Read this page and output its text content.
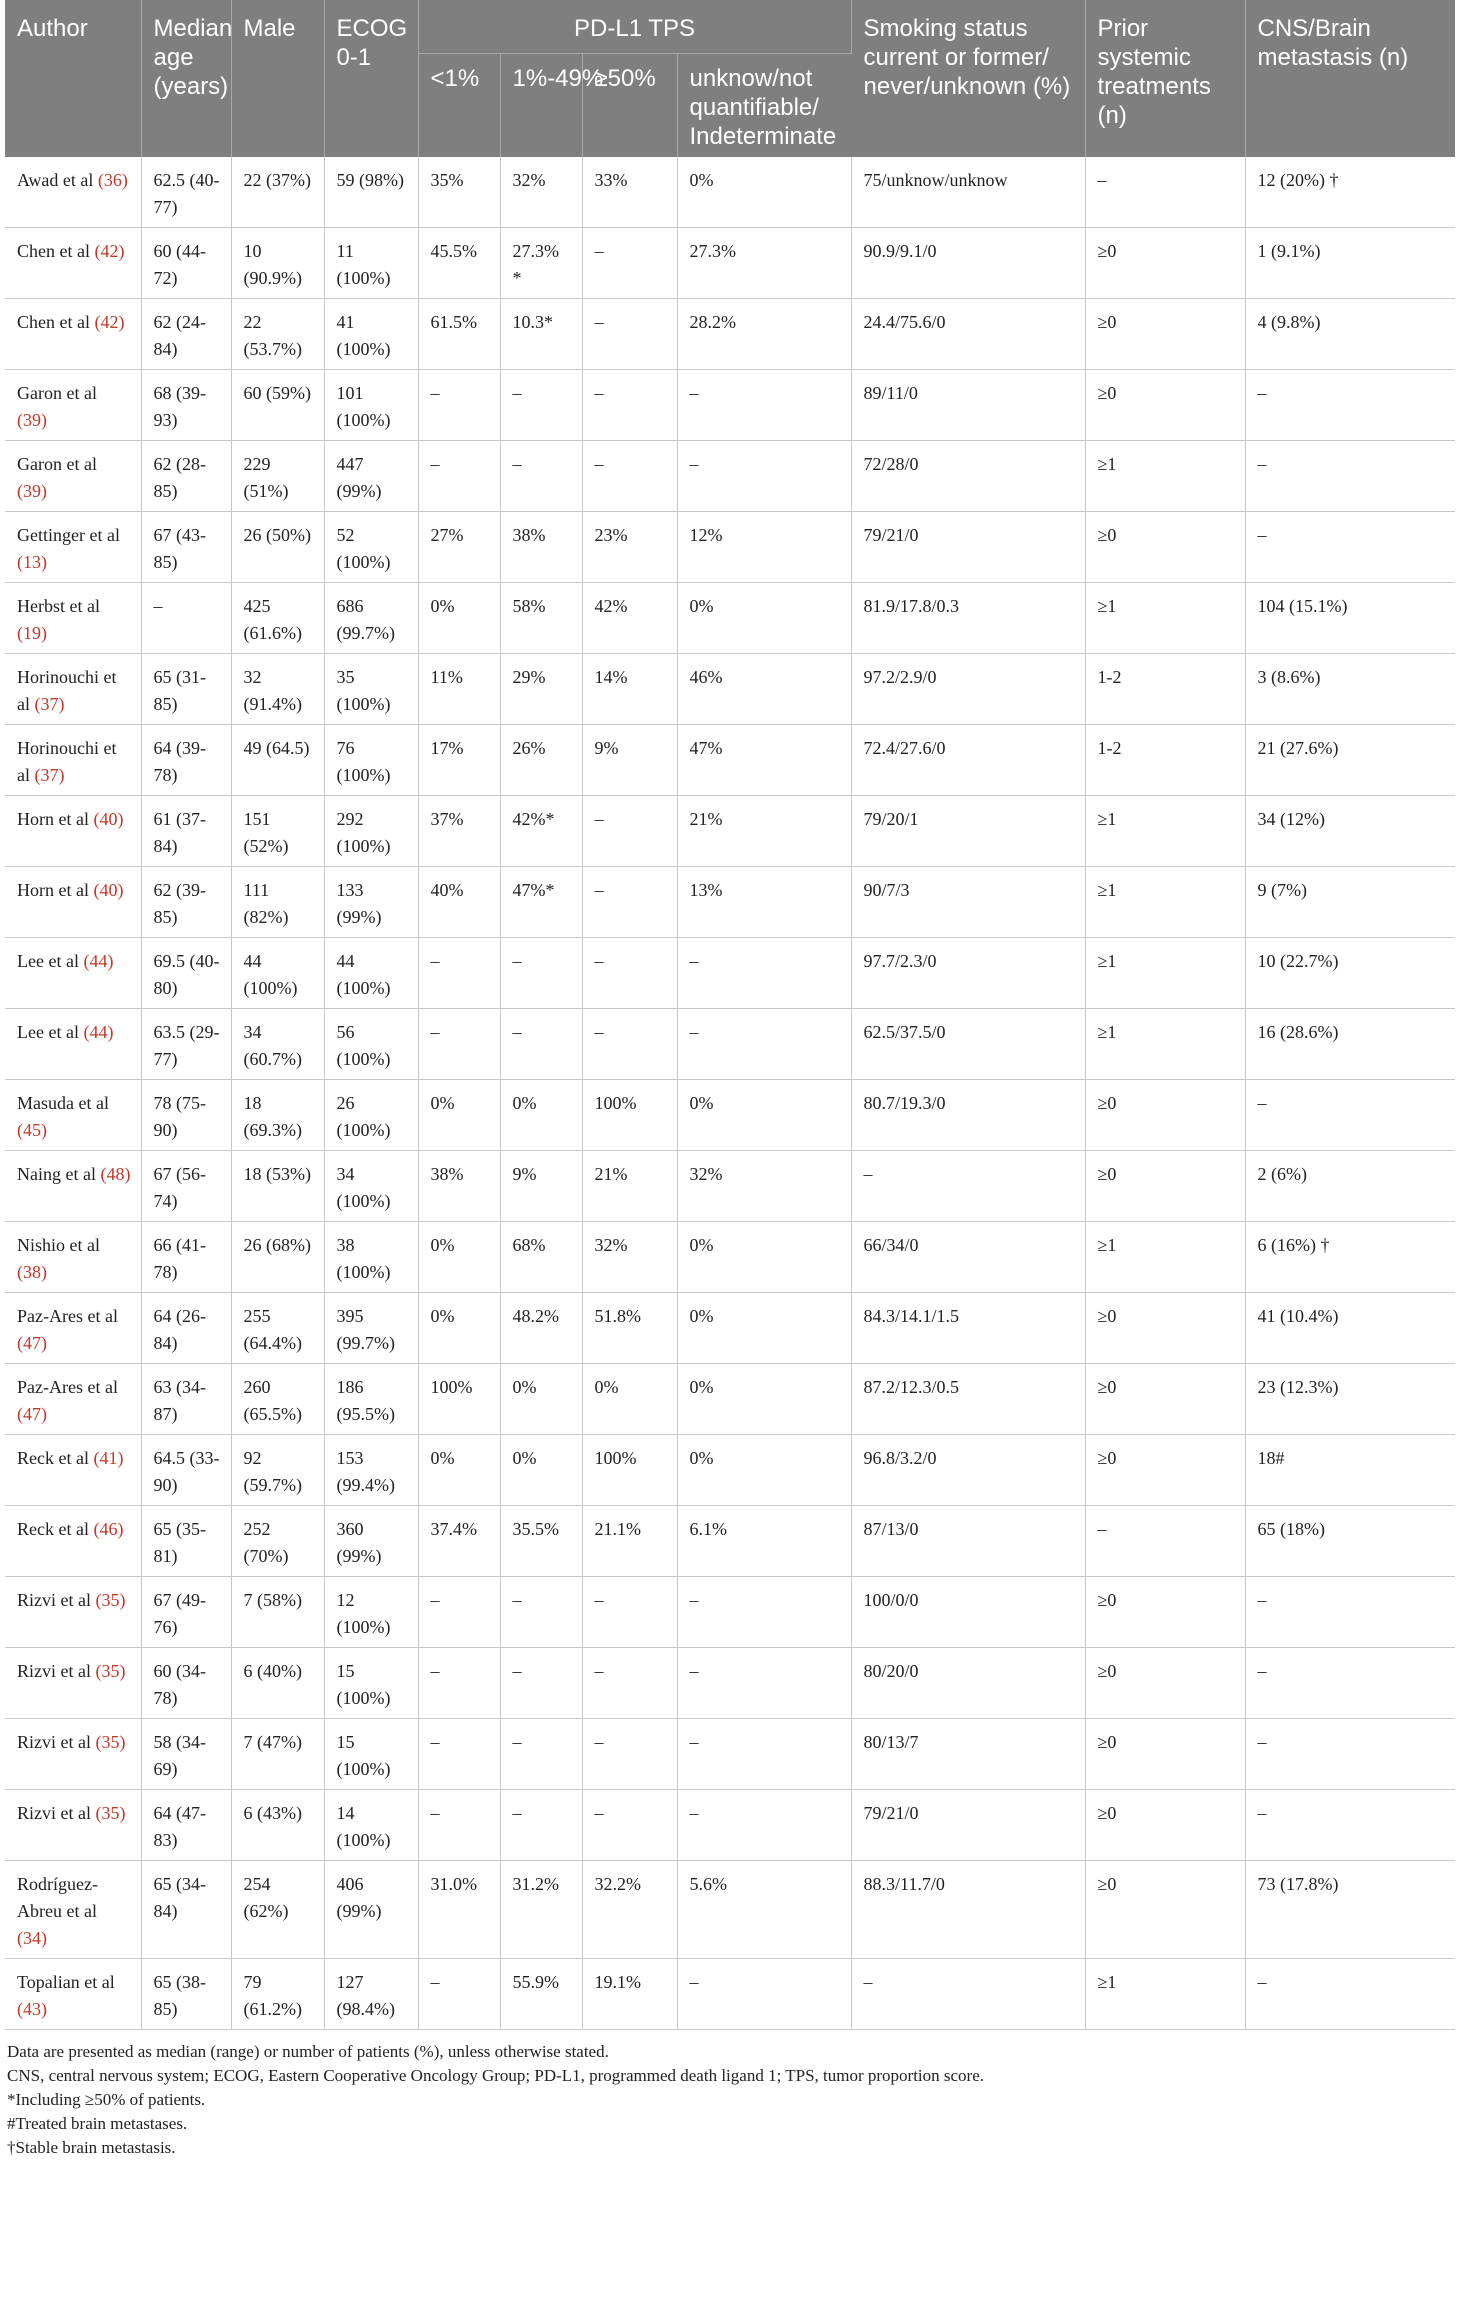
Author	Median age (years)	Male	ECOG 0-1	PD-L1 TPS				Smoking status current or former/ never/unknown (%)	Prior systemic treatments (n)	CNS/Brain metastasis (n)
				<1%	1%-49%	≥50%	unknow/not quantifiable/ Indeterminate			
Awad et al (36)	62.5 (40-77)	22 (37%)	59 (98%)	35%	32%	33%	0%	75/unknow/unknow	–	12 (20%) †
Chen et al (42)	60 (44-72)	10 (90.9%)	11 (100%)	45.5%	27.3% *	–	27.3%	90.9/9.1/0	≥0	1 (9.1%)
Chen et al (42)	62 (24-84)	22 (53.7%)	41 (100%)	61.5%	10.3*	–	28.2%	24.4/75.6/0	≥0	4 (9.8%)
Garon et al (39)	68 (39-93)	60 (59%)	101 (100%)	–	–	–	–	89/11/0	≥0	–
Garon et al (39)	62 (28-85)	229 (51%)	447 (99%)	–	–	–	–	72/28/0	≥1	–
Gettinger et al (13)	67 (43-85)	26 (50%)	52 (100%)	27%	38%	23%	12%	79/21/0	≥0	–
Herbst et al (19)	–	425 (61.6%)	686 (99.7%)	0%	58%	42%	0%	81.9/17.8/0.3	≥1	104 (15.1%)
Horinouchi et al (37)	65 (31-85)	32 (91.4%)	35 (100%)	11%	29%	14%	46%	97.2/2.9/0	1-2	3 (8.6%)
Horinouchi et al (37)	64 (39-78)	49 (64.5)	76 (100%)	17%	26%	9%	47%	72.4/27.6/0	1-2	21 (27.6%)
Horn et al (40)	61 (37-84)	151 (52%)	292 (100%)	37%	42%*	–	21%	79/20/1	≥1	34 (12%)
Horn et al (40)	62 (39-85)	111 (82%)	133 (99%)	40%	47%*	–	13%	90/7/3	≥1	9 (7%)
Lee et al (44)	69.5 (40-80)	44 (100%)	44 (100%)	–	–	–	–	97.7/2.3/0	≥1	10 (22.7%)
Lee et al (44)	63.5 (29-77)	34 (60.7%)	56 (100%)	–	–	–	–	62.5/37.5/0	≥1	16 (28.6%)
Masuda et al (45)	78 (75-90)	18 (69.3%)	26 (100%)	0%	0%	100%	0%	80.7/19.3/0	≥0	–
Naing et al (48)	67 (56-74)	18 (53%)	34 (100%)	38%	9%	21%	32%	–	≥0	2 (6%)
Nishio et al (38)	66 (41-78)	26 (68%)	38 (100%)	0%	68%	32%	0%	66/34/0	≥1	6 (16%) †
Paz-Ares et al (47)	64 (26-84)	255 (64.4%)	395 (99.7%)	0%	48.2%	51.8%	0%	84.3/14.1/1.5	≥0	41 (10.4%)
Paz-Ares et al (47)	63 (34-87)	260 (65.5%)	186 (95.5%)	100%	0%	0%	0%	87.2/12.3/0.5	≥0	23 (12.3%)
Reck et al (41)	64.5 (33-90)	92 (59.7%)	153 (99.4%)	0%	0%	100%	0%	96.8/3.2/0	≥0	18#
Reck et al (46)	65 (35-81)	252 (70%)	360 (99%)	37.4%	35.5%	21.1%	6.1%	87/13/0	–	65 (18%)
Rizvi et al (35)	67 (49-76)	7 (58%)	12 (100%)	–	–	–	–	100/0/0	≥0	–
Rizvi et al (35)	60 (34-78)	6 (40%)	15 (100%)	–	–	–	–	80/20/0	≥0	–
Rizvi et al (35)	58 (34-69)	7 (47%)	15 (100%)	–	–	–	–	80/13/7	≥0	–
Rizvi et al (35)	64 (47-83)	6 (43%)	14 (100%)	–	–	–	–	79/21/0	≥0	–
Rodríguez-Abreu et al (34)	65 (34-84)	254 (62%)	406 (99%)	31.0%	31.2%	32.2%	5.6%	88.3/11.7/0	≥0	73 (17.8%)
Topalian et al (43)	65 (38-85)	79 (61.2%)	127 (98.4%)	–	55.9%	19.1%	–	–	≥1	–
Data are presented as median (range) or number of patients (%), unless otherwise stated.
CNS, central nervous system; ECOG, Eastern Cooperative Oncology Group; PD-L1, programmed death ligand 1; TPS, tumor proportion score.
*Including ≥50% of patients.
#Treated brain metastases.
†Stable brain metastasis.
